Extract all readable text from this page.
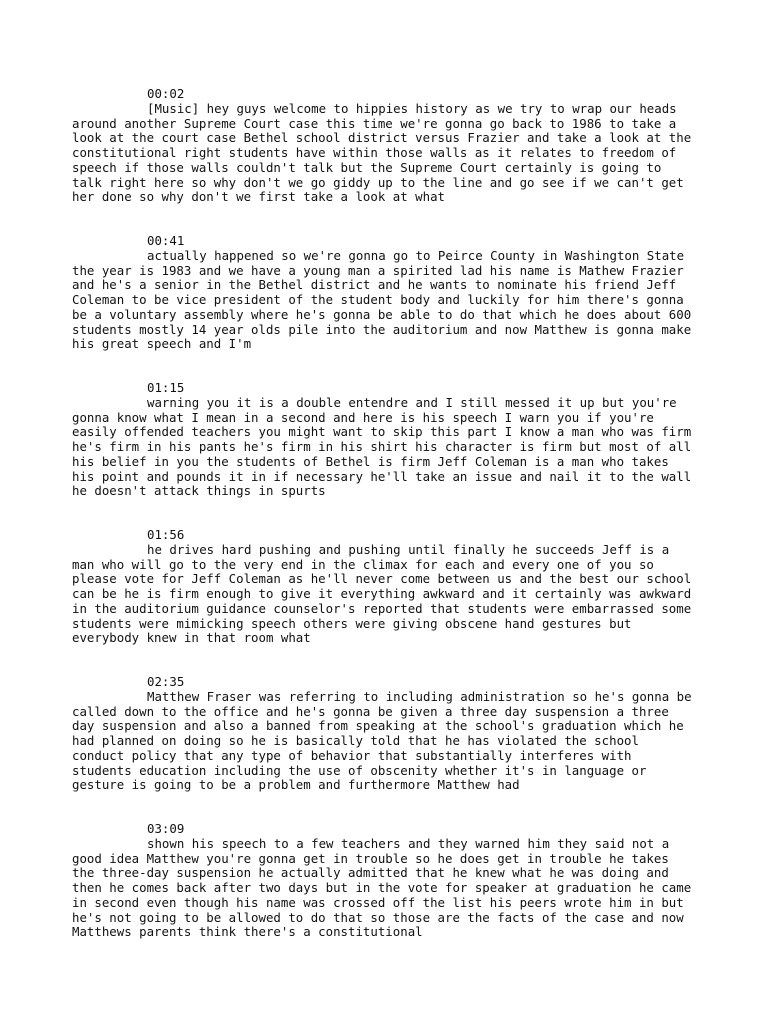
00:02
[Music] hey guys welcome to hippies history as we try to wrap our heads
around another Supreme Court case this time we're gonna go back to 1986 to take a
look at the court case Bethel school district versus Frazier and take a look at the
constitutional right students have within those walls as it relates to freedom of
speech if those walls couldn't talk but the Supreme Court certainly is going to
talk right here so why don't we go giddy up to the line and go see if we can't get
her done so why don't we first take a look at what
00:41
actually happened so we're gonna go to Peirce County in Washington State
the year is 1983 and we have a young man a spirited lad his name is Mathew Frazier
and he's a senior in the Bethel district and he wants to nominate his friend Jeff
Coleman to be vice president of the student body and luckily for him there's gonna
be a voluntary assembly where he's gonna be able to do that which he does about 600
students mostly 14 year olds pile into the auditorium and now Matthew is gonna make
his great speech and I'm
01:15
warning you it is a double entendre and I still messed it up but you're
gonna know what I mean in a second and here is his speech I warn you if you're
easily offended teachers you might want to skip this part I know a man who was firm
he's firm in his pants he's firm in his shirt his character is firm but most of all
his belief in you the students of Bethel is firm Jeff Coleman is a man who takes
his point and pounds it in if necessary he'll take an issue and nail it to the wall
he doesn't attack things in spurts
01:56
he drives hard pushing and pushing until finally he succeeds Jeff is a
man who will go to the very end in the climax for each and every one of you so
please vote for Jeff Coleman as he'll never come between us and the best our school
can be he is firm enough to give it everything awkward and it certainly was awkward
in the auditorium guidance counselor's reported that students were embarrassed some
students were mimicking speech others were giving obscene hand gestures but
everybody knew in that room what
02:35
Matthew Fraser was referring to including administration so he's gonna be
called down to the office and he's gonna be given a three day suspension a three
day suspension and also a banned from speaking at the school's graduation which he
had planned on doing so he is basically told that he has violated the school
conduct policy that any type of behavior that substantially interferes with
students education including the use of obscenity whether it's in language or
gesture is going to be a problem and furthermore Matthew had
03:09
shown his speech to a few teachers and they warned him they said not a
good idea Matthew you're gonna get in trouble so he does get in trouble he takes
the three-day suspension he actually admitted that he knew what he was doing and
then he comes back after two days but in the vote for speaker at graduation he came
in second even though his name was crossed off the list his peers wrote him in but
he's not going to be allowed to do that so those are the facts of the case and now
Matthews parents think there's a constitutional
